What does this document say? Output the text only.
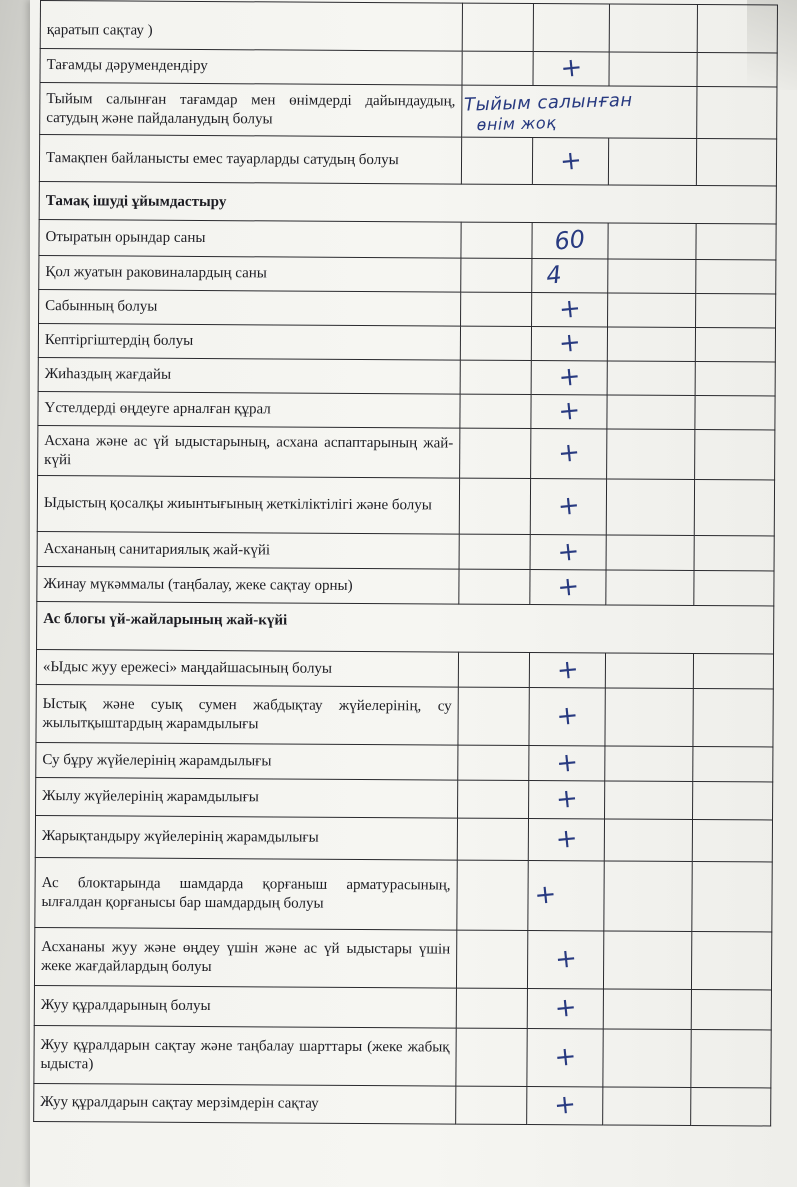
қаратып сақтау )				
Тағамды дәрумендендіру		+		
Тыйым салынған тағамдар мен өнімдерді дайындаудың, сатудың және пайдаланудың болуы	Тыйым салынған
өнім жоқ			

Тамақпен байланысты емес тауарларды сатудың болуы		+		
Тамақ ішуді ұйымдастыру				
Отыратын орындар саны		60		
Қол жуатын раковиналардың саны		4		
Сабынның болуы		+		
Кептіргіштердің болуы		+		
Жиһаздың жағдайы		+		
Үстелдерді өңдеуге арналған құрал		+		
Асхана және ас үй ыдыстарының, асхана аспаптарының жай-күйі		+		
Ыдыстың қосалқы жиынтығының жеткіліктілігі және болуы		+		
Асхананың санитариялық жай-күйі		+		
Жинау мүкәммалы (таңбалау, жеке сақтау орны)		+		
Ас блогы үй-жайларының жай-күйі				
«Ыдыс жуу ережесі» маңдайшасының болуы		+		
Ыстық және суық сумен жабдықтау жүйелерінің, су жылытқыштардың жарамдылығы		+		
Су бұру жүйелерінің жарамдылығы		+		
Жылу жүйелерінің жарамдылығы		+		
Жарықтандыру жүйелерінің жарамдылығы		+		
Ас блоктарында шамдарда қорғаныш арматурасының, ылғалдан қорғанысы бар шамдардың болуы		+		
Асхананы жуу және өңдеу үшін және ас үй ыдыстары үшін жеке жағдайлардың болуы		+		
Жуу құралдарының болуы		+		
Жуу құралдарын сақтау және таңбалау шарттары (жеке жабық ыдыста)		+		
Жуу құралдарын сақтау мерзімдерін сақтау		+		
